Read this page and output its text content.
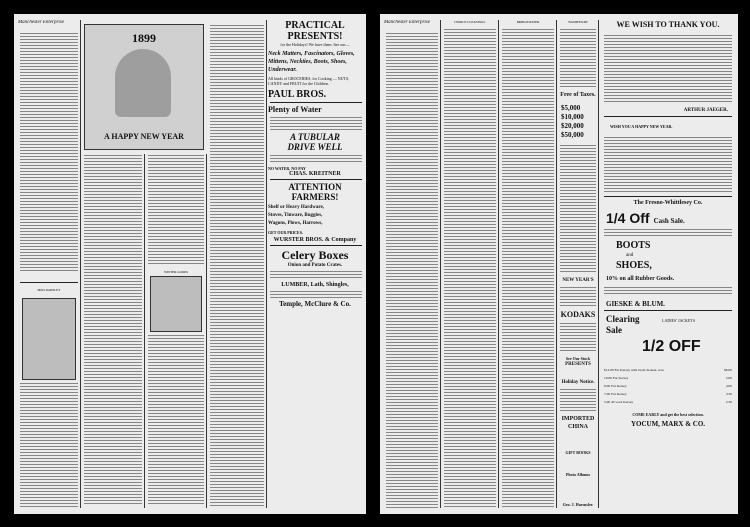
Manchester Enterprise
MISS DARNLEY
1899
A HAPPY NEW YEAR
WINTER GOODS
PRACTICAL PRESENTS!
for the Holidays! We have them. See our—
Neck Matters, Fascinators, Gloves, Mittens, Neckties, Boots, Shoes, Underwear.
All kinds of GROCERIES, for Cooking — NUTS, CANDY and FRUIT for the Children.
PAUL BROS.
Plenty of Water
A TUBULAR
DRIVE WELL
NO WATER, NO PAY
CHAS. KREITNER
ATTENTION
FARMERS!
Shelf or Heavy Hardware,
Stoves, Tinware, Buggies,
Wagons, Plows, Harrows,
GET OUR PRICES.
WURSTER BROS. & Company
Celery Boxes
Onion and Potato Crates.
LUMBER, Lath, Shingles,
Temple, McClure & Co.
Manchester Enterprise	CHOICE CLEANINGS.	BRIDGEWATER	WASHTENAW
Free of Taxes.
$5,000
$10,000
$20,000
$50,000
NEW YEAR'S
KODAKS
See Our Stock
PRESENTS
Holiday Notice.
IMPORTED
CHINA
GIFT BOOKS
Photo Albums
Geo. J. Haeussler.
WE WISH TO THANK YOU.
ARTHUR JAEGER.
WISH YOU A HAPPY NEW YEAR.
The Fresno-Whittlesey Co.
1/4 Off Cash Sale.
BOOTS
and
SHOES,
10% on all Rubber Goods.
GIESKE & BLUM.
Clearing
Sale
LADIES' JACKETS
1/2 OFF
$12.00 Fur Kersey with braid Jackets, now	$6.00
10.00 Fur Kersey	5.00
8.00 Fur Kersey	4.00
7.00 Fur Kersey	3.50
5.00 all wool Kersey	2.50
COME EARLY and get the best selection.
YOCUM, MARX & CO.
